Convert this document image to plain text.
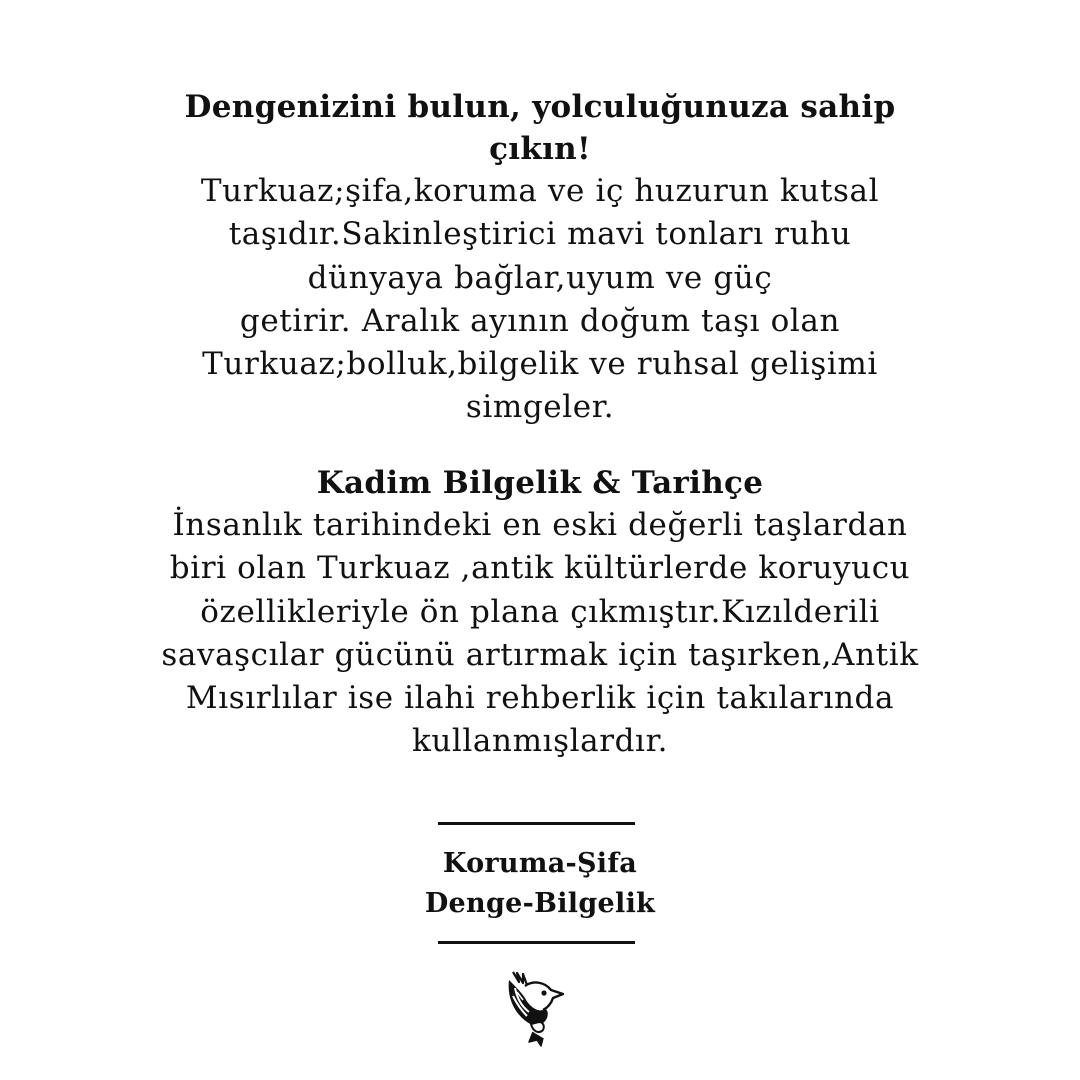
Dengenizini bulun, yolculuğunuza sahip
çıkın!
Turkuaz;şifa,koruma ve iç huzurun kutsal
taşıdır.Sakinleştirici mavi tonları ruhu
dünyaya bağlar,uyum ve güç
getirir. Aralık ayının doğum taşı olan
Turkuaz;bolluk,bilgelik ve ruhsal gelişimi
simgeler.
Kadim Bilgelik & Tarihçe
İnsanlık tarihindeki en eski değerli taşlardan
biri olan Turkuaz ,antik kültürlerde koruyucu
özellikleriyle ön plana çıkmıştır.Kızılderili
savaşcılar gücünü artırmak için taşırken,Antik
Mısırlılar ise ilahi rehberlik için takılarında
kullanmışlardır.
Koruma-Şifa
Denge-Bilgelik
